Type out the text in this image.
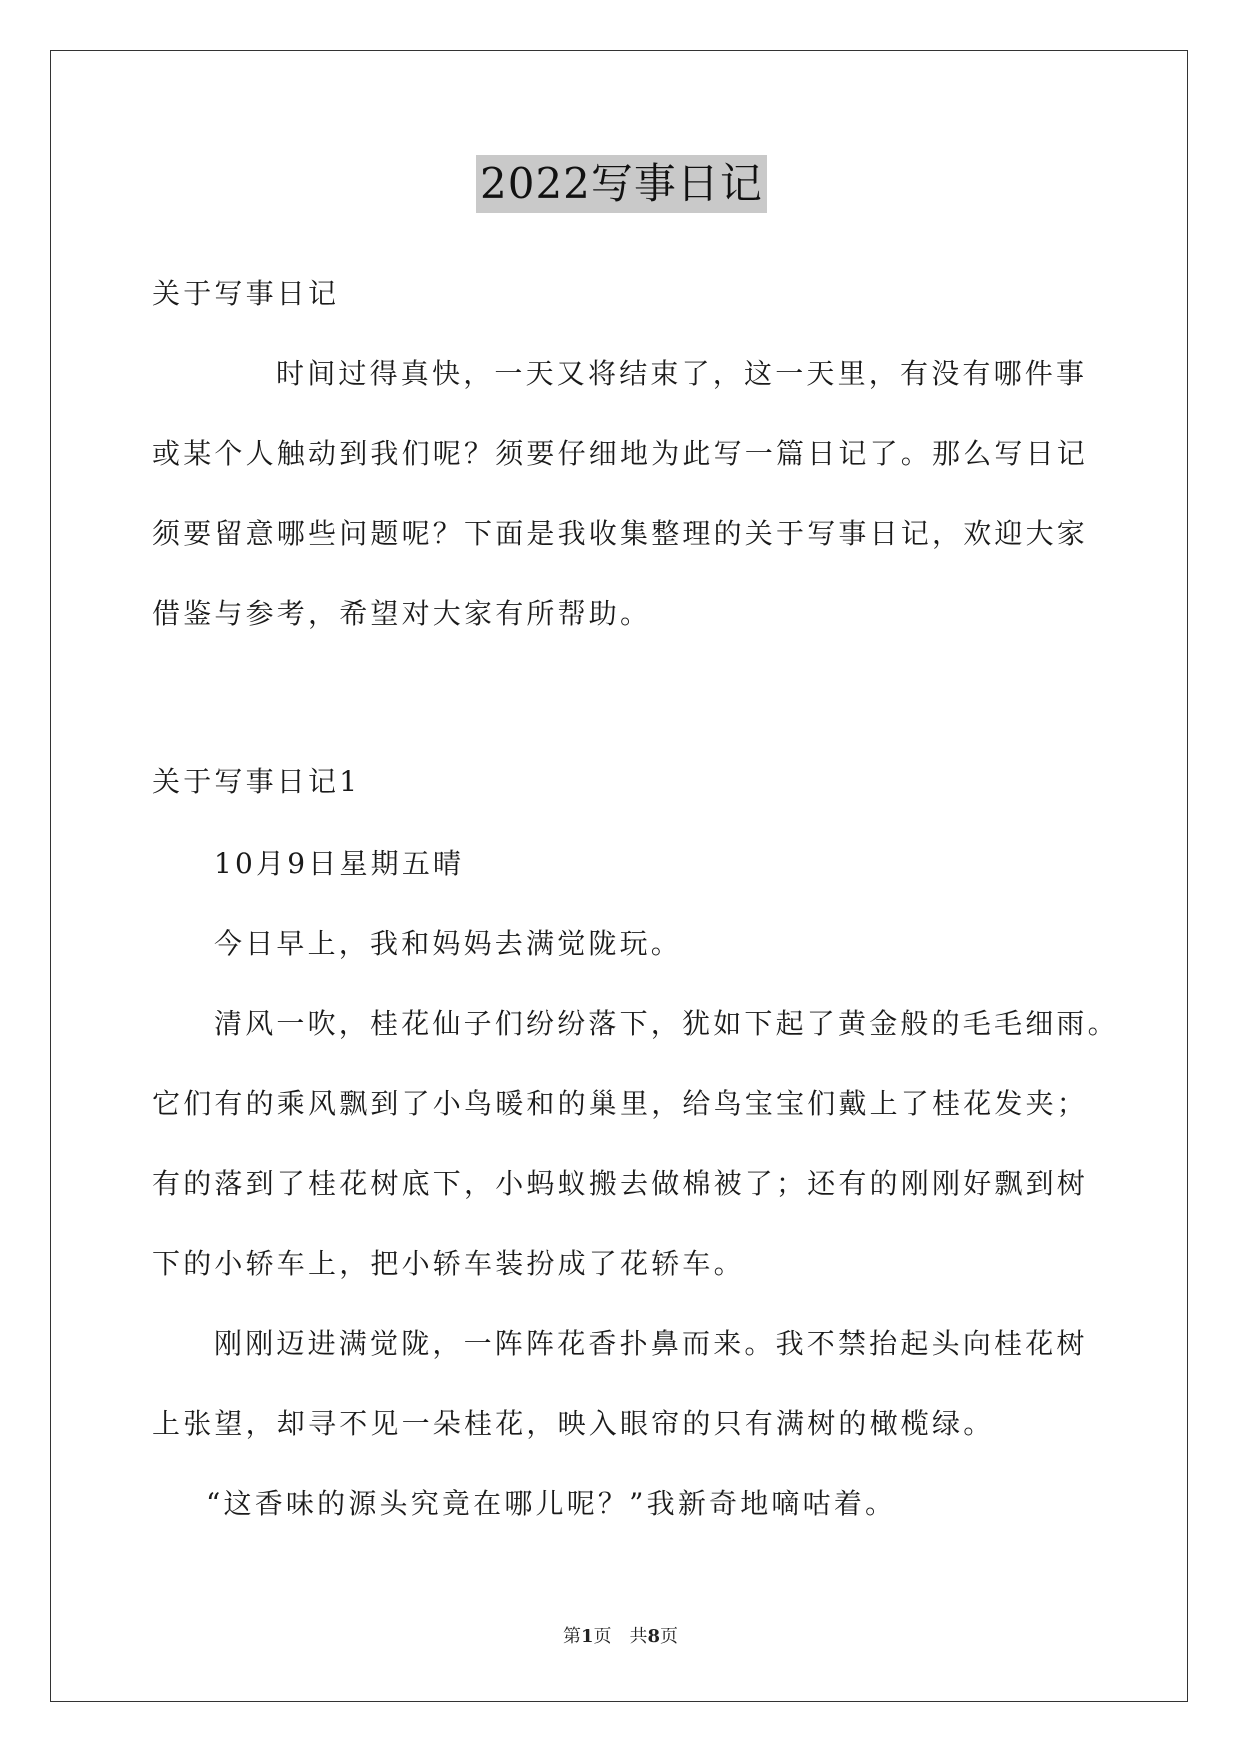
2022写事日记
关于写事日记
时间过得真快，一天又将结束了，这一天里，有没有哪件事
或某个人触动到我们呢？须要仔细地为此写一篇日记了。那么写日记
须要留意哪些问题呢？下面是我收集整理的关于写事日记，欢迎大家
借鉴与参考，希望对大家有所帮助。
关于写事日记1
10月9日星期五晴
今日早上，我和妈妈去满觉陇玩。
清风一吹，桂花仙子们纷纷落下，犹如下起了黄金般的毛毛细雨。
它们有的乘风飘到了小鸟暖和的巢里，给鸟宝宝们戴上了桂花发夹；
有的落到了桂花树底下，小蚂蚁搬去做棉被了；还有的刚刚好飘到树
下的小轿车上，把小轿车装扮成了花轿车。
刚刚迈进满觉陇，一阵阵花香扑鼻而来。我不禁抬起头向桂花树
上张望，却寻不见一朵桂花，映入眼帘的只有满树的橄榄绿。
“这香味的源头究竟在哪儿呢？”我新奇地嘀咕着。
第1页　共8页
